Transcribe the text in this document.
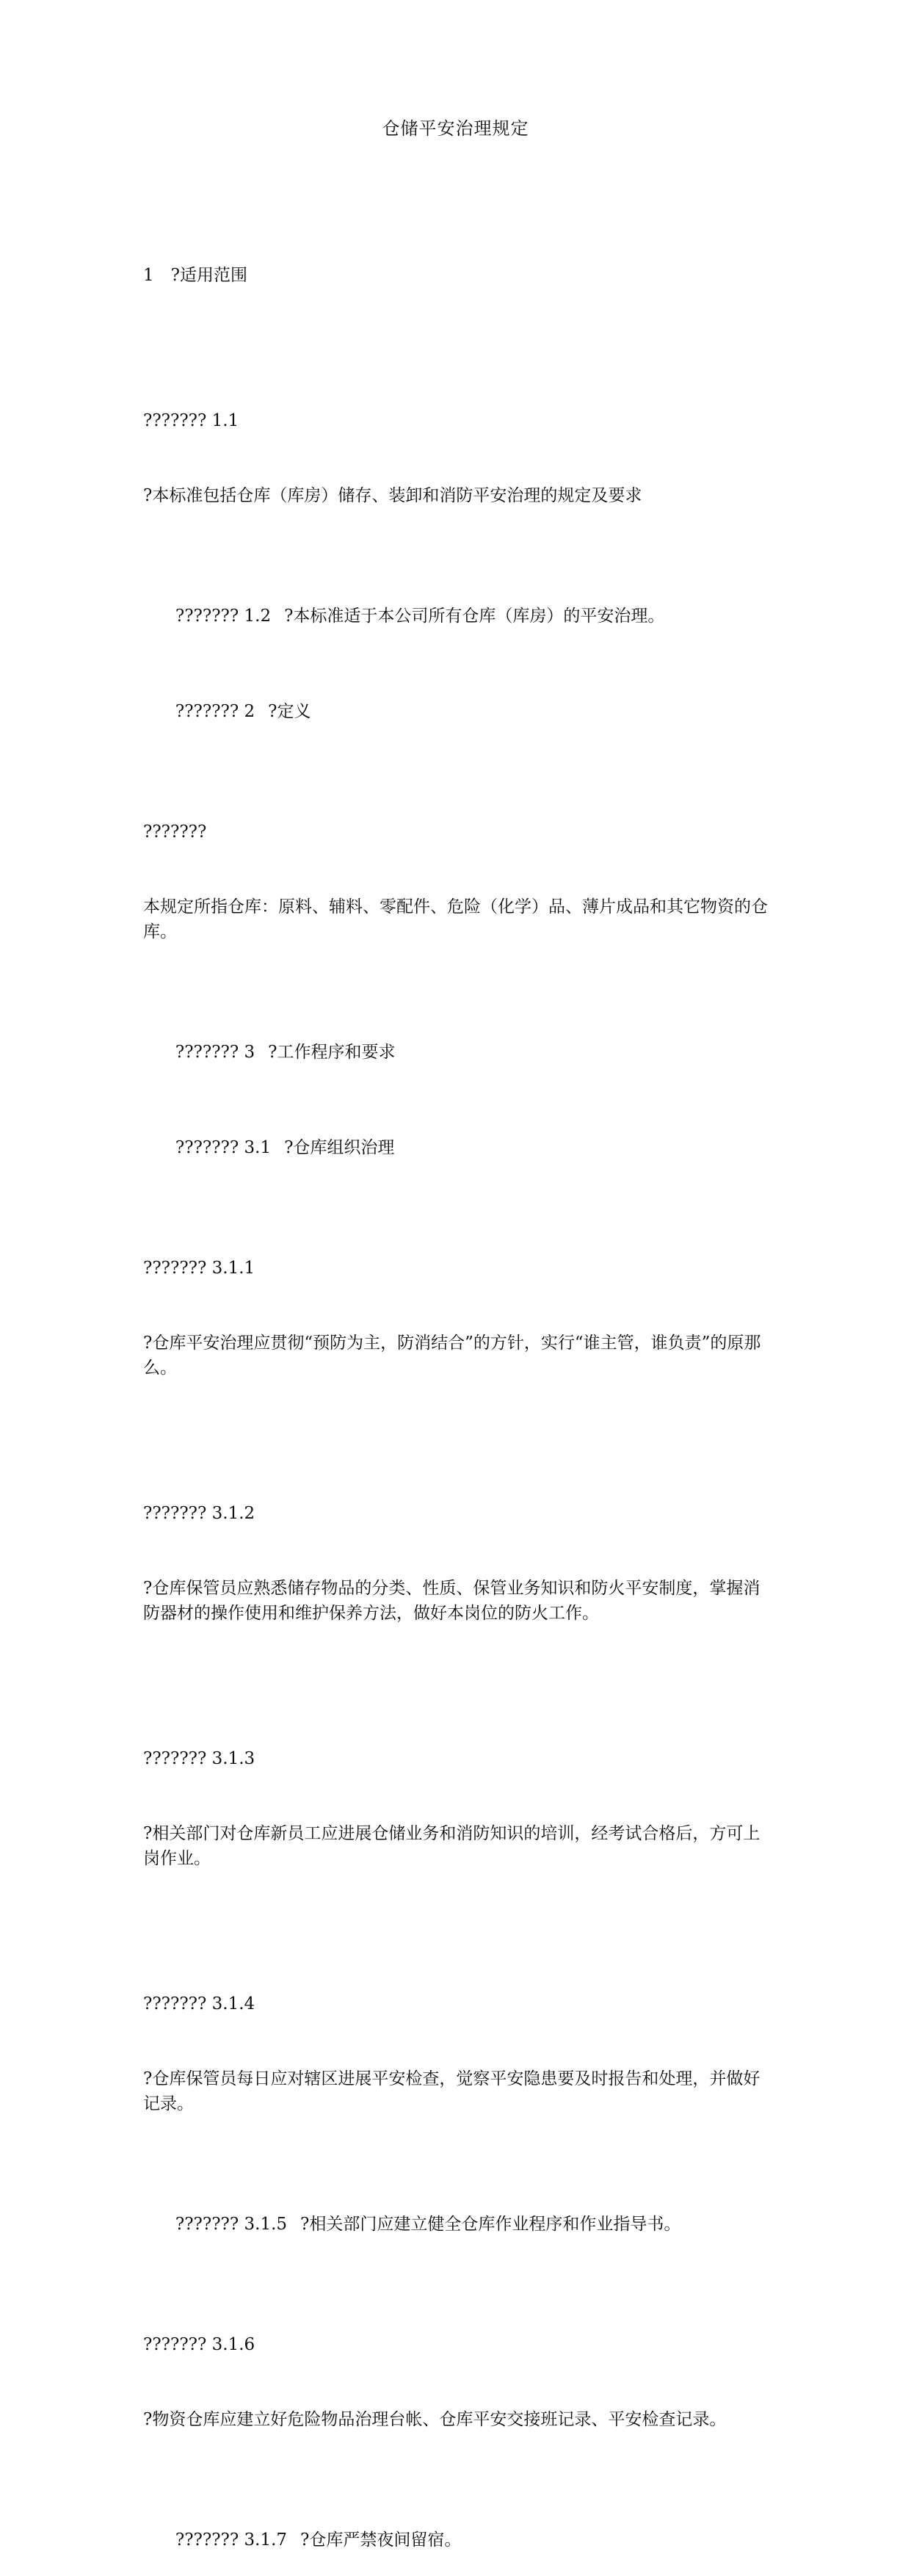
仓储平安治理规定

1　?适用范围

??????? 1.1

?本标准包括仓库（库房）储存、装卸和消防平安治理的规定及要求

??????? 1.2 ?本标准适于本公司所有仓库（库房）的平安治理。

??????? 2 ?定义

???????

本规定所指仓库：原料、辅料、零配件、危险（化学）品、薄片成品和其它物资的仓库。

??????? 3 ?工作程序和要求

??????? 3.1 ?仓库组织治理

??????? 3.1.1

?仓库平安治理应贯彻“预防为主，防消结合”的方针，实行“谁主管，谁负责”的原那么。

??????? 3.1.2

?仓库保管员应熟悉储存物品的分类、性质、保管业务知识和防火平安制度，掌握消防器材的操作使用和维护保养方法，做好本岗位的防火工作。

??????? 3.1.3

?相关部门对仓库新员工应进展仓储业务和消防知识的培训，经考试合格后，方可上岗作业。

??????? 3.1.4

?仓库保管员每日应对辖区进展平安检查，觉察平安隐患要及时报告和处理，并做好记录。

??????? 3.1.5 ?相关部门应建立健全仓库作业程序和作业指导书。

??????? 3.1.6

?物资仓库应建立好危险物品治理台帐、仓库平安交接班记录、平安检查记录。

??????? 3.1.7 ?仓库严禁夜间留宿。
